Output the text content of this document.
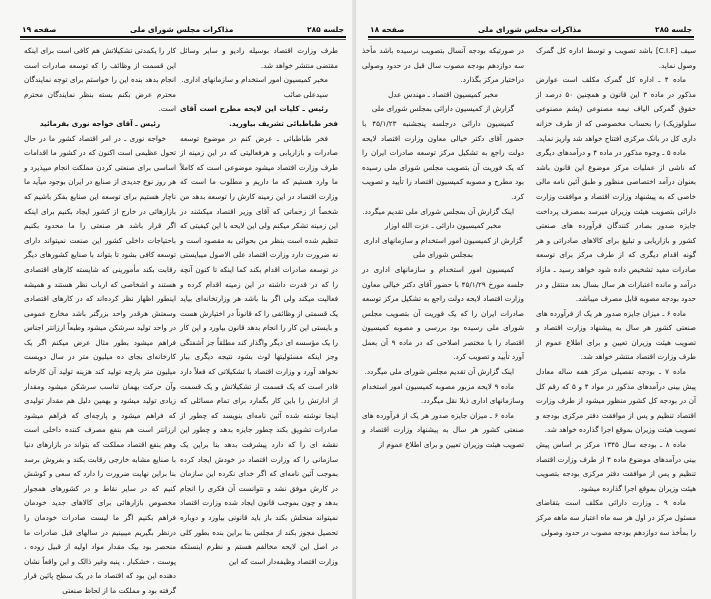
جلسه ۲۸۵
مذاکرات مجلس شورای ملی
صفحه ۱۹

طرف وزارت اقتصاد بوسیله رادیو و سایر وسائل مقتضی منتشر خواهد شد.

مخبر کمیسیون امور استخدام و سازمانهای اداری.

سیدعلی صائب

رئیس ـ کلیات این لایحه مطرح است آقای فخر طباطبائی تشریف بیاورید.

فخر طباطبائی ـ عرض کنم در موضوع توسعه صادرات و بازاریابی و هرفعالیتی که در این زمینه از طرف وزارت اقتصاد میشود موضوعی است که کاملاً ما وارد هستیم که ما داریم و مطلوب ما است که وزارت اقتصاد در این زمینه کارش را توسعه بدهد من شخصاً از زحماتی که آقای وزیر اقتصاد میکشند در این زمینه تشکر میکنم ولی این لایحه با این کیفیتی که تنظیم شده است بنظر من بحوائی به مقصود است و نه ضرورت دارد وزارت اقتصاد علی الاصول میبایستی در توسعه صادرات اقدام بکند کما اینکه تا کنون آنچه را که در قدرت داشته در این زمینه اقدام کرده و فعالیت میکند ولی اگر بنا باشد هر وزارتخانه‌ای بیاید یک قسمتی از وظائفی را که قانوناً در اختیارش هست و بایستی این کار را انجام بدهد قانون بیاورد و این کار را یک مؤسسه ای دیگر واگذار کند مطلقاً جز آشفتگی وجز اینکه مسئولیتها لوث بشود نتیجه دیگری ببار نخواهد آورد و وزارت اقتصاد با تشکیلاتی که فعلاً دارد قادر است که یک قسمت از تشکیلاتش و یک قسمت از ادارتش را باین کار بگمارد برای تمام مسائلی که اینجا نوشته شده آئین نامه‌ای بنویسد که چطور از صادرات تشویق بکند چطور جایزه بدهد و چطور این نقشه ای را که دارد پیشرفت بدهد بنا براین یک سازمانی را که وزارت اقتصاد در خودش ایجاد کرده بموجب آئین نامه‌ای که اگر خدای نکرده این سازمان در کارش موفق نشد و نتوانست آن فکری را انجام بدهد و چون بموجب قانون ایجاد شده وزارت اقتصاد نمیتواند منحلش بکند باز باید قانونی بیاورد و دوباره تحصیل مجوز بکند از مجلس بنا براین بنده بطور کلی در اصل این لایحه مخالفم هستم و نظرم اینستکه وزارت اقتصاد وظیفه‌دار است که این

کار را یکمدتی تشکیلاتش هم کافی است برای اینکه این قسمت از وظائف را که توسعه صادرات است انجام بدهد بنده این را خواستم برای توجه نمایندگان محترم عرض بکنم بسته بنظر نمایندگان محترم است.

رئیس ـ آقای خواجه نوری بفرمائید

خواجه نوری ـ در امر اقتصاد کشور ما در حال تحول عظیمی است اکنون که در کشور ما اقدامات اساسی برای صنعتی کردن مملکت انجام میپذیرد و هر روز نوع جدیدی از صنایع در ایران بوجود میآید ما ناچار هستیم برای توسعه این صنایع بفکر باشیم که بازارهائی در خارج از کشور ایجاد بکنیم برای اینکه اگر قرار باشد هر صنعتی را ما محدود بکنیم باحتیاجات داخلی کشور این صنعت نمیتواند دارای توسعه کافی بشود تا بتواند با صنایع کشورهای دیگر رقابت بکند مأمورینی که شایسته کارهای اقتصادی هستند و اشخاصی که ارباب نظر هستند و همیشه اینطور اظهار نظر کرده‌اند که در کارهای اقتصادی وسعتش هرقدر واحد بزرگتر باشد مخارج عمومی در واحد تولید سرشکن میشود وطبعاً ارزانتر اجناس فراهم میشود بطور مثال عرض میکنم اگر یک کارخانه‌ای بجای ده میلیون متر در سال دویست میلیون متر پارچه تولید کند هزینه تولید آن کارخانه وآن حرکت بهمان تناسب سرشکن میشود ومقدار زیادی تولید میشود و بهمین دلیل هم مقدار تولیدی که فراهم میشود و پارچه‌ای که فراهم میشود ارزانتر است هم بنفع مصرف کننده داخلی است وهم بنفع اقتصاد مملکت که بتواند در بازارهای دنیا با صنایع مشابه خارجی رقابت بکند و بفروش برسد بنا براین نهایت ضرورت را دارد که سعی و کوشش کنیم که در سایر نقاط و در کشورهای همجوار مخصوص بازارهائی برای کالاهای جدید خودمان فراهم بکنیم اگر ما لیست صادرات خودمان را درنظر بگیریم میبینیم در سالهای قبل صادرات ما منحصر بود بیک مقدار مواد اولیه از قبیل روده ، پوست ، خشکبار ، پنبه وغیر ذالک و این واقعاً نشان دهنده این بود که اقتصاد ما در یک سطح پائین قرار گرفته بود و مملکت ما از لحاظ صنعتی

جلسه ۲۸۵
مذاکرات مجلس شورای ملی
صفحه ۱۸

سیف [C.I.F] باشد تصویب و توسط اداره کل گمرک وصول نماید.

ماده ۴ ـ اداره کل گمرک مکلف است عوارض مذکور در ماده ۳ این قانون و همچنین ۵۰ درصد از حقوق گمرکی الیاف نیمه مصنوعی (پشم مصنوعی سلولوزیک) را بحساب مخصوصی که از طرف خزانه داری کل در بانک مرکزی افتتاح خواهد شد واریز نماید.

ماده ۵ ـ وجوه مذکور در ماده ۴ و درآمدهای دیگری که ناشی از عملیات مرکز موضوع این قانون باشد بعنوان درآمد اختصاصی منظور و طبق آئین نامه مالی خاصی که به پیشنهاد وزارت اقتصاد و موافقت وزارت دارائی بتصویب هیئت وزیران میرسد بمصرف پرداخت جایزه صدور بصادر کنندگان فرآورده های صنعتی کشور و بازاریابی و تبلیغ برای کالاهای صادراتی و هر گونه اقدام دیگری که از طرف مرکز برای توسعه صادرات مفید تشخیص داده شود خواهد رسید ـ مازاد درآمد و مانده اعتبارات هر سال بسال بعد منتقل و در حدود بودجه مصوبه قابل مصرف میباشد.

ماده ۶ ـ میزان جایزه صدور هر یک از فرآورده های صنعتی کشور هر سال به پیشنهاد وزارت اقتصاد و تصویب هیئت وزیران تعیین و برای اطلاع عموم از طرف وزارت اقتصاد منتشر خواهد شد.

ماده ۷ ـ بودجه تفصیلی مرکز همه ساله معادل پیش بینی درآمدهای مذکور در مواد ۴ و ۵ که رقم کل آن در بودجه کل کشور منظور میشود از طرف وزارت اقتصاد تنظیم و پس از موافقت دفتر مرکزی بودجه و تصویب هیئت وزیران بموقع اجرا گذارده خواهد شد.

ماده ۸ ـ بودجه سال ۱۳۴۵ مرکز بر اساس پیش بینی درآمدهای موضوع ماده ۴ از طرف وزارت اقتصاد تنظیم و پس از موافقت دفتر مرکزی بودجه بتصویب هیئت وزیران بموقع اجرا گذارده میشود.

ماده ۹ ـ وزارت دارائی مکلف است بتقاضای مسئول مرکز در اول هر سه ماه اعتبار سه ماهه مرکز را بمأخذ سه دوازدهم بودجه مصوب در حدود وصولی

در صورتیکه بودجه آنسال بتصویب نرسیده باشد مأخذ سه دوازدهم بودجه مصوب سال قبل در حدود وصولی دراختیار مرکز بگذارد.

مخبر کمیسیون اقتصاد ـ مهندس عدل

گزارش از کمیسیون دارائی بمجلس شورای ملی

کمیسیون دارائی درجلسه پنجشنبه ۴۵/۱/۲۳ با حضور آقای دکتر خیالی معاون وزارت اقتصاد لایحه دولت راجع به تشکیل مرکز توسعه صادرات ایران را که یک فوریت آن بتصویب مجلس شورای ملی رسیده بود مطرح و مصوبه کمیسیون اقتصاد را تأیید و تصویب کرد.

اینک گزارش آن بمجلس شورای ملی تقدیم میگردد.

مخبر کمیسیون دارائی ـ عزت الله اوزار

گزارش از کمیسیون امور استخدام و سازمانهای اداری بمجلس شورای ملی

کمیسیون امور استخدام و سازمانهای اداری در جلسه مورخ ۴۵/۱/۲۹ با حضور آقای دکتر خیالی معاون وزارت اقتصاد لایحه دولت راجع به تشکیل مرکز توسعه صادرات ایران را که یک فوریت آن بتصویب مجلس شورای ملی رسیده بود بررسی و مصوبه کمیسیون اقتصاد را با مختصر اصلاحی که در ماده ۹ آن بعمل آورد تأیید و تصویب کرد.

اینک گزارش آن تقدیم مجلس شورای ملی میگردد.

ماده ۹ لایحه مزبور مصوبه کمیسیون امور استخدام وسازمانهای اداری ذیلا نقل میگردد.

ماده ۶ ـ میزان جایزه صدور هر یک از فرآورده های صنعتی کشور هر سال به پیشنهاد وزارت اقتصاد و تصویب هیئت وزیران تعیین و برای اطلاع عموم از
